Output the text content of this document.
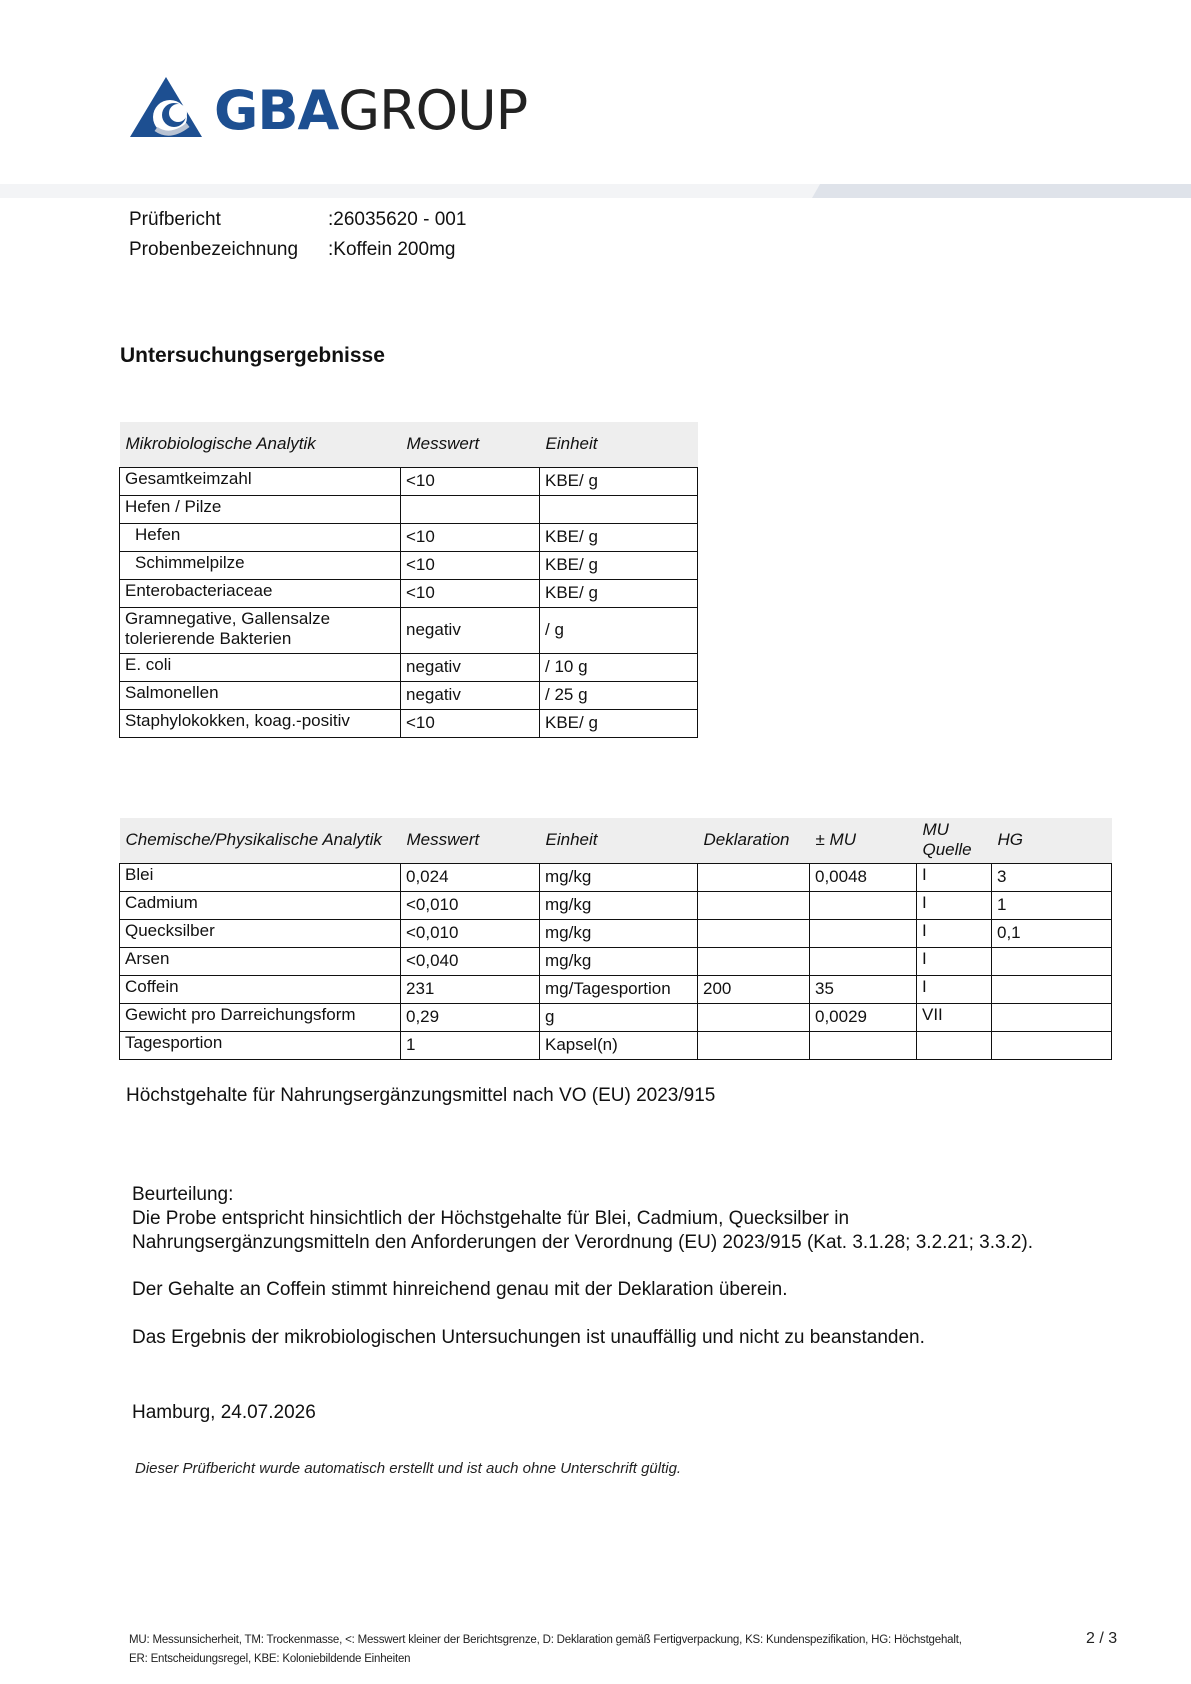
GBA GROUP
Prüfbericht	:26035620 - 001
Probenbezeichnung :Koffein 200mg
Untersuchungsergebnisse
Mikrobiologische Analytik	Messwert	Einheit
Gesamtkeimzahl	<10	KBE/ g
Hefen / Pilze		
Hefen	<10	KBE/ g
Schimmelpilze	<10	KBE/ g
Enterobacteriaceae	<10	KBE/ g
Gramnegative, Gallensalze tolerierende Bakterien	negativ	/ g
E. coli	negativ	/ 10 g
Salmonellen	negativ	/ 25 g
Staphylokokken, koag.-positiv	<10	KBE/ g
Chemische/Physikalische Analytik	Messwert	Einheit	Deklaration	± MU	MU Quelle	HG
Blei	0,024	mg/kg		0,0048	I	3
Cadmium	<0,010	mg/kg			I	1
Quecksilber	<0,010	mg/kg			I	0,1
Arsen	<0,040	mg/kg			I	
Coffein	231	mg/Tagesportion	200	35	I	
Gewicht pro Darreichungsform	0,29	g		0,0029	VII	
Tagesportion	1	Kapsel(n)				
Höchstgehalte für Nahrungsergänzungsmittel nach VO (EU) 2023/915
Beurteilung:
Die Probe entspricht hinsichtlich der Höchstgehalte für Blei, Cadmium, Quecksilber in
Nahrungsergänzungsmitteln den Anforderungen der Verordnung (EU) 2023/915 (Kat. 3.1.28; 3.2.21; 3.3.2).
Der Gehalte an Coffein stimmt hinreichend genau mit der Deklaration überein.
Das Ergebnis der mikrobiologischen Untersuchungen ist unauffällig und nicht zu beanstanden.
Hamburg, 24.07.2026
Dieser Prüfbericht wurde automatisch erstellt und ist auch ohne Unterschrift gültig.
MU: Messunsicherheit, TM: Trockenmasse, <: Messwert kleiner der Berichtsgrenze, D: Deklaration gemäß Fertigverpackung, KS: Kundenspezifikation, HG: Höchstgehalt,
ER: Entscheidungsregel, KBE: Koloniebildende Einheiten
2 / 3
